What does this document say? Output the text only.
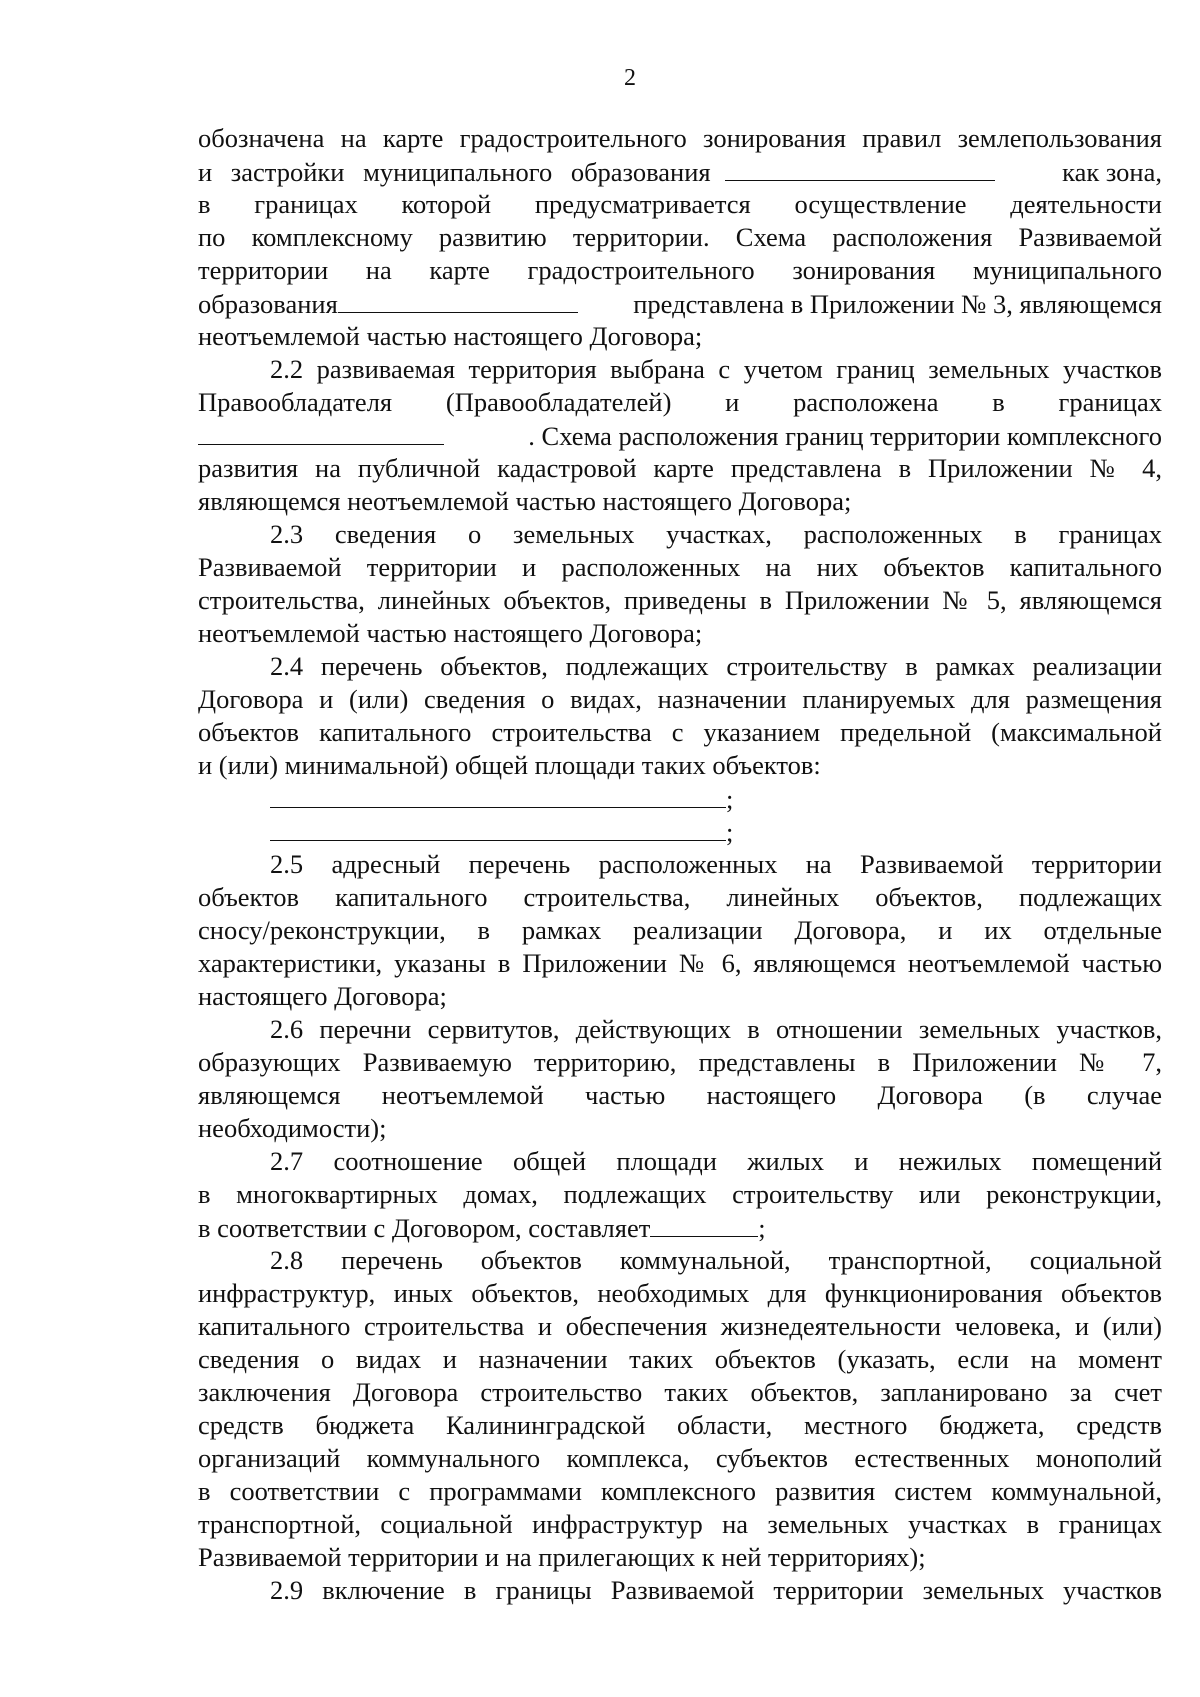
2
обозначена на карте градостроительного зонирования правил землепользования
и застройки муниципального образования	как зона,
в границах которой предусматривается осуществление деятельности
по комплексному развитию территории. Схема расположения Развиваемой
территории на карте градостроительного зонирования муниципального
образования	представлена в Приложении № 3, являющемся
неотъемлемой частью настоящего Договора;
2.2 развиваемая территория выбрана с учетом границ земельных участков
Правообладателя (Правообладателей) и расположена в границах
. Схема расположения границ территории комплексного
развития на публичной кадастровой карте представлена в Приложении № 4,
являющемся неотъемлемой частью настоящего Договора;
2.3 сведения о земельных участках, расположенных в границах
Развиваемой территории и расположенных на них объектов капитального
строительства, линейных объектов, приведены в Приложении № 5, являющемся
неотъемлемой частью настоящего Договора;
2.4 перечень объектов, подлежащих строительству в рамках реализации
Договора и (или) сведения о видах, назначении планируемых для размещения
объектов капитального строительства с указанием предельной (максимальной
и (или) минимальной) общей площади таких объектов:
;
;
2.5 адресный перечень расположенных на Развиваемой территории
объектов капитального строительства, линейных объектов, подлежащих
сносу/реконструкции, в рамках реализации Договора, и их отдельные
характеристики, указаны в Приложении № 6, являющемся неотъемлемой частью
настоящего Договора;
2.6 перечни сервитутов, действующих в отношении земельных участков,
образующих Развиваемую территорию, представлены в Приложении № 7,
являющемся неотъемлемой частью настоящего Договора (в случае
необходимости);
2.7 соотношение общей площади жилых и нежилых помещений
в многоквартирных домах, подлежащих строительству или реконструкции,
в соответствии с Договором, составляет	;
2.8 перечень объектов коммунальной, транспортной, социальной
инфраструктур, иных объектов, необходимых для функционирования объектов
капитального строительства и обеспечения жизнедеятельности человека, и (или)
сведения о видах и назначении таких объектов (указать, если на момент
заключения Договора строительство таких объектов, запланировано за счет
средств бюджета Калининградской области, местного бюджета, средств
организаций коммунального комплекса, субъектов естественных монополий
в соответствии с программами комплексного развития систем коммунальной,
транспортной, социальной инфраструктур на земельных участках в границах
Развиваемой территории и на прилегающих к ней территориях);
2.9 включение в границы Развиваемой территории земельных участков
